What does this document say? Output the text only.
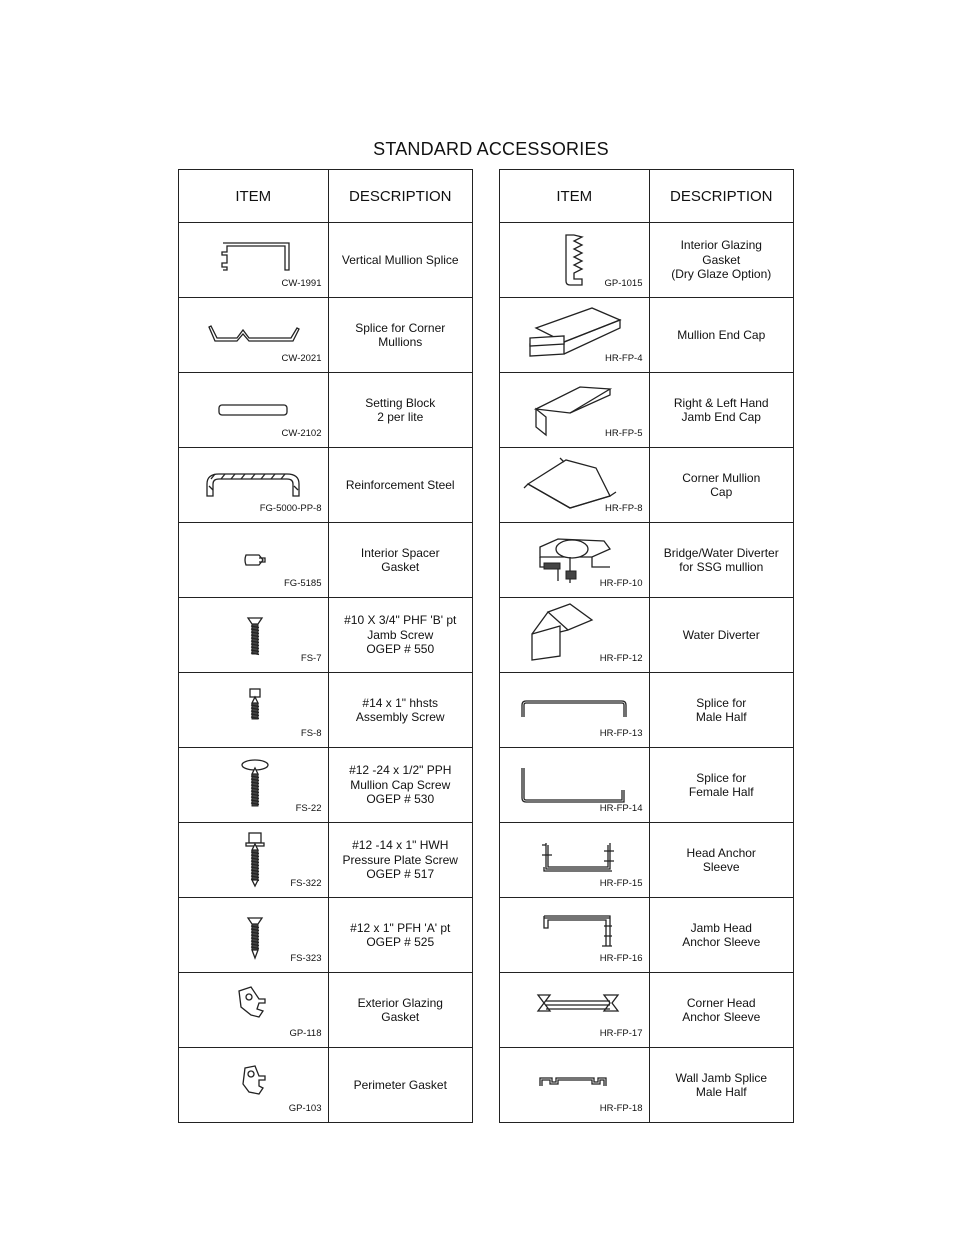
STANDARD ACCESSORIES
ITEM	DESCRIPTION

CW-1991	Vertical Mullion Splice

CW-2021	Splice for Corner
Mullions

CW-2102	Setting Block
2 per lite

FG-5000-PP-8	Reinforcement Steel

FG-5185	Interior Spacer
Gasket

FS-7	#10 X 3/4" PHF 'B' pt
Jamb Screw
OGEP # 550

FS-8	#14 x 1" hhsts
Assembly Screw

FS-22	#12 -24 x 1/2" PPH
Mullion Cap Screw
OGEP # 530

FS-322	#12 -14 x 1" HWH
Pressure Plate Screw
OGEP # 517

FS-323	#12 x 1" PFH 'A' pt
OGEP # 525

GP-118	Exterior Glazing
Gasket

GP-103	Perimeter Gasket
ITEM	DESCRIPTION

GP-1015	Interior Glazing
Gasket
(Dry Glaze Option)

HR-FP-4	Mullion End Cap

HR-FP-5	Right & Left Hand
Jamb End Cap

HR-FP-8	Corner Mullion
Cap

HR-FP-10	Bridge/Water Diverter
for SSG mullion

HR-FP-12	Water Diverter

HR-FP-13	Splice for
Male Half

HR-FP-14	Splice for
Female Half

HR-FP-15	Head Anchor
Sleeve

HR-FP-16	Jamb Head
Anchor Sleeve

HR-FP-17	Corner Head
Anchor Sleeve

HR-FP-18	Wall Jamb Splice
Male Half
